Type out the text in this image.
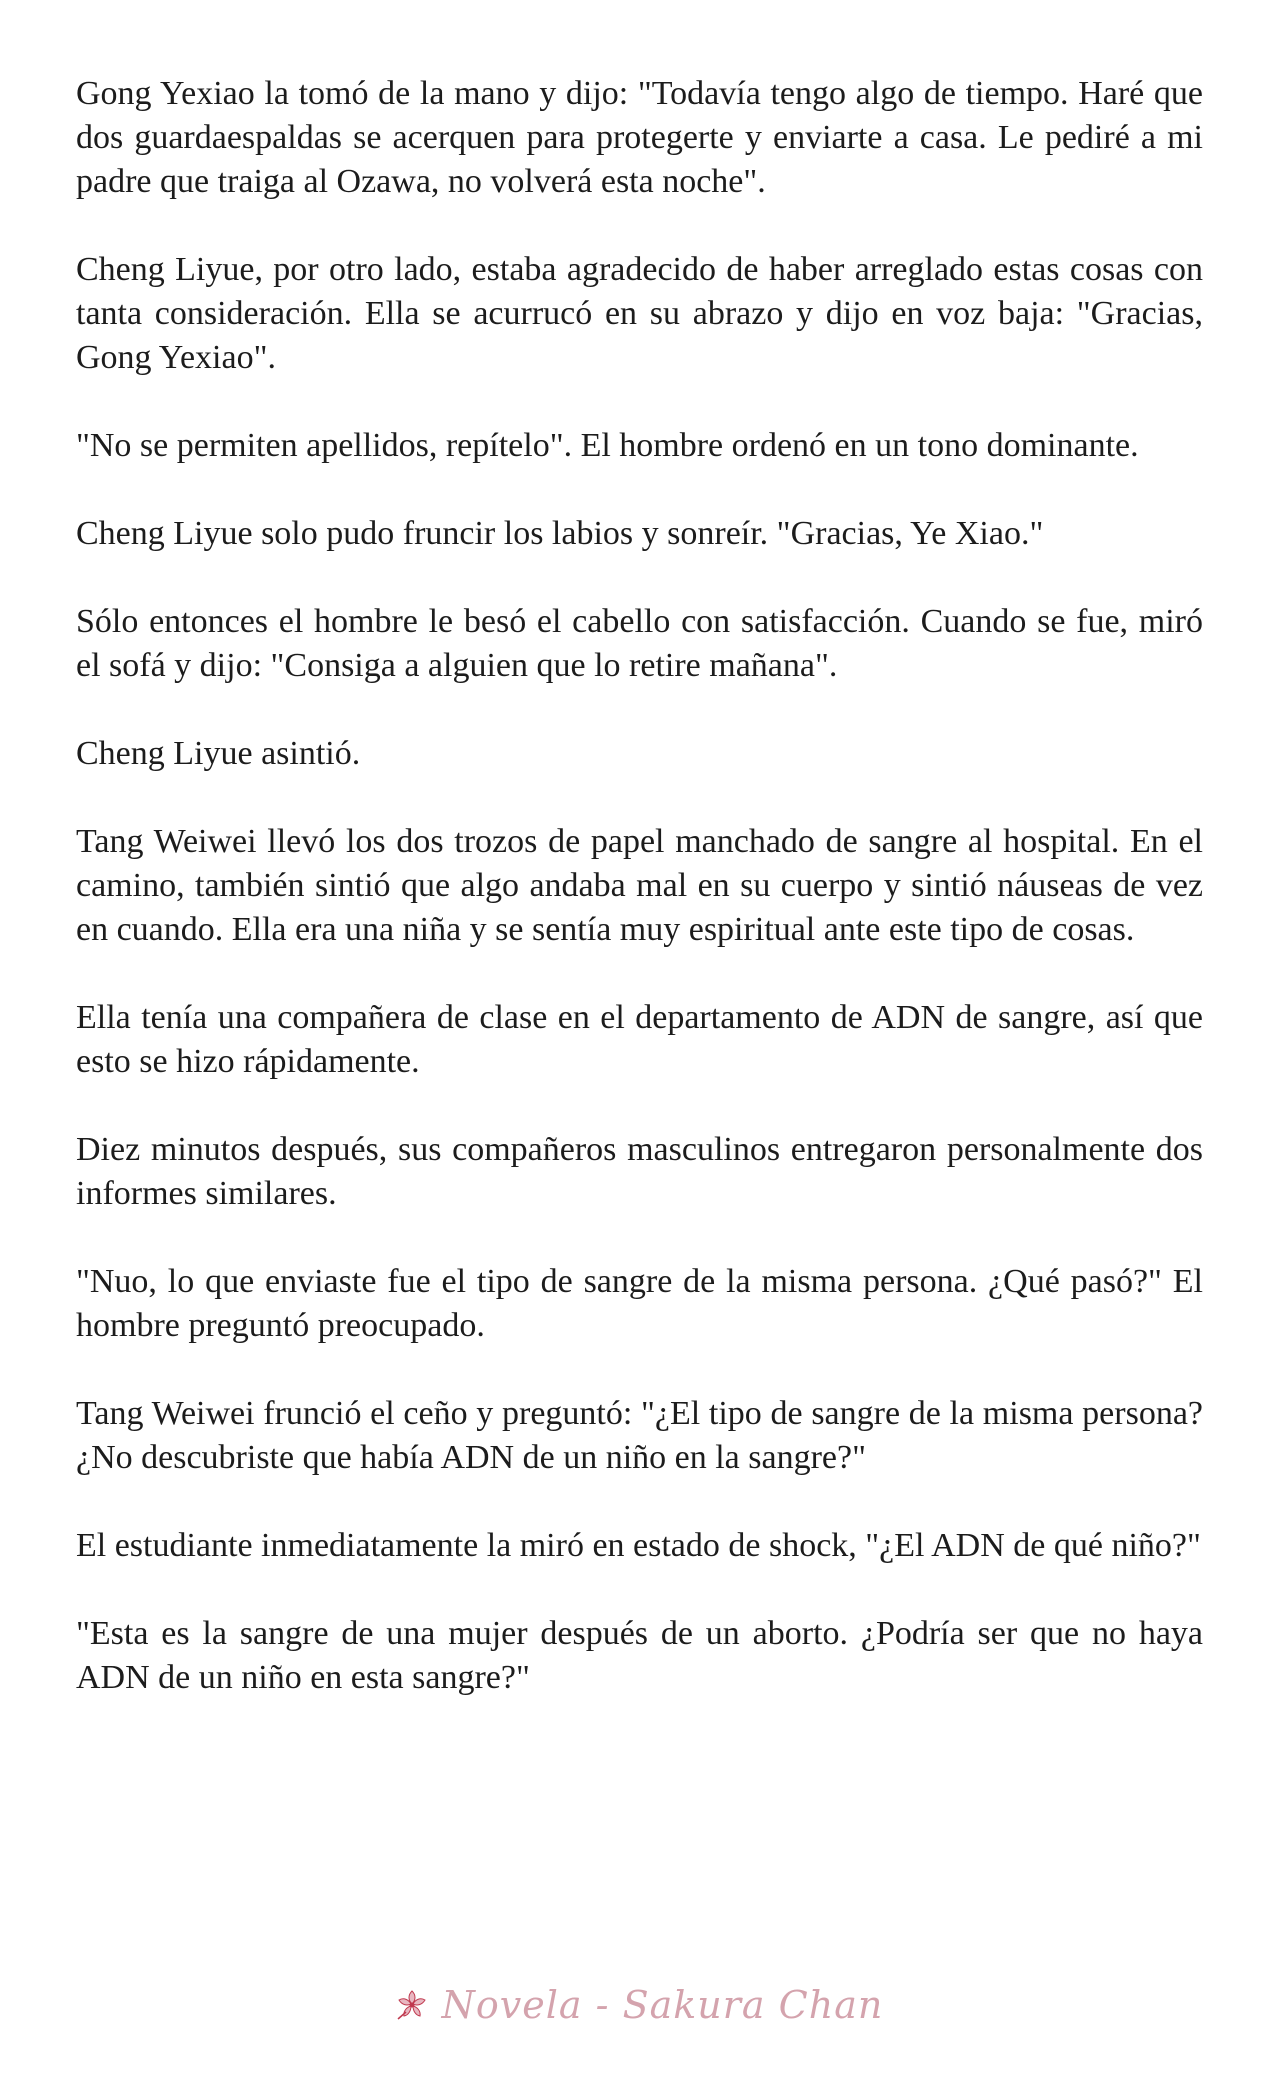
Gong Yexiao la tomó de la mano y dijo: "Todavía tengo algo de tiempo. Haré que dos guardaespaldas se acerquen para protegerte y enviarte a casa. Le pediré a mi padre que traiga al Ozawa, no volverá esta noche".

Cheng Liyue, por otro lado, estaba agradecido de haber arreglado estas cosas con tanta consideración. Ella se acurrucó en su abrazo y dijo en voz baja: "Gracias, Gong Yexiao".

"No se permiten apellidos, repítelo". El hombre ordenó en un tono dominante.

Cheng Liyue solo pudo fruncir los labios y sonreír. "Gracias, Ye Xiao."

Sólo entonces el hombre le besó el cabello con satisfacción. Cuando se fue, miró el sofá y dijo: "Consiga a alguien que lo retire mañana".

Cheng Liyue asintió.

Tang Weiwei llevó los dos trozos de papel manchado de sangre al hospital. En el camino, también sintió que algo andaba mal en su cuerpo y sintió náuseas de vez en cuando. Ella era una niña y se sentía muy espiritual ante este tipo de cosas.

Ella tenía una compañera de clase en el departamento de ADN de sangre, así que esto se hizo rápidamente.

Diez minutos después, sus compañeros masculinos entregaron personalmente dos informes similares.

"Nuo, lo que enviaste fue el tipo de sangre de la misma persona. ¿Qué pasó?" El hombre preguntó preocupado.

Tang Weiwei frunció el ceño y preguntó: "¿El tipo de sangre de la misma persona? ¿No descubriste que había ADN de un niño en la sangre?"

El estudiante inmediatamente la miró en estado de shock, "¿El ADN de qué niño?"

"Esta es la sangre de una mujer después de un aborto. ¿Podría ser que no haya ADN de un niño en esta sangre?"

Novela - Sakura Chan
